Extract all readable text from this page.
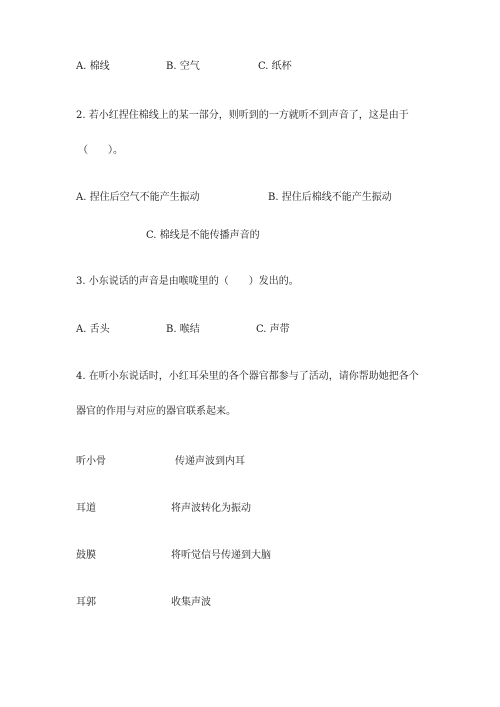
A. 棉线	B. 空气	C. 纸杯
2. 若小红捏住棉线上的某一部分，则听到的一方就听不到声音了，这是由于
（　　）。
A. 捏住后空气不能产生振动	B. 捏住后棉线不能产生振动
C. 棉线是不能传播声音的
3. 小东说话的声音是由喉咙里的（　　）发出的。
A. 舌头	B. 喉结	C. 声带
4. 在听小东说话时，小红耳朵里的各个器官都参与了活动，请你帮助她把各个
器官的作用与对应的器官联系起来。
听小骨	传递声波到内耳
耳道	将声波转化为振动
鼓膜	将听觉信号传递到大脑
耳郭	收集声波
